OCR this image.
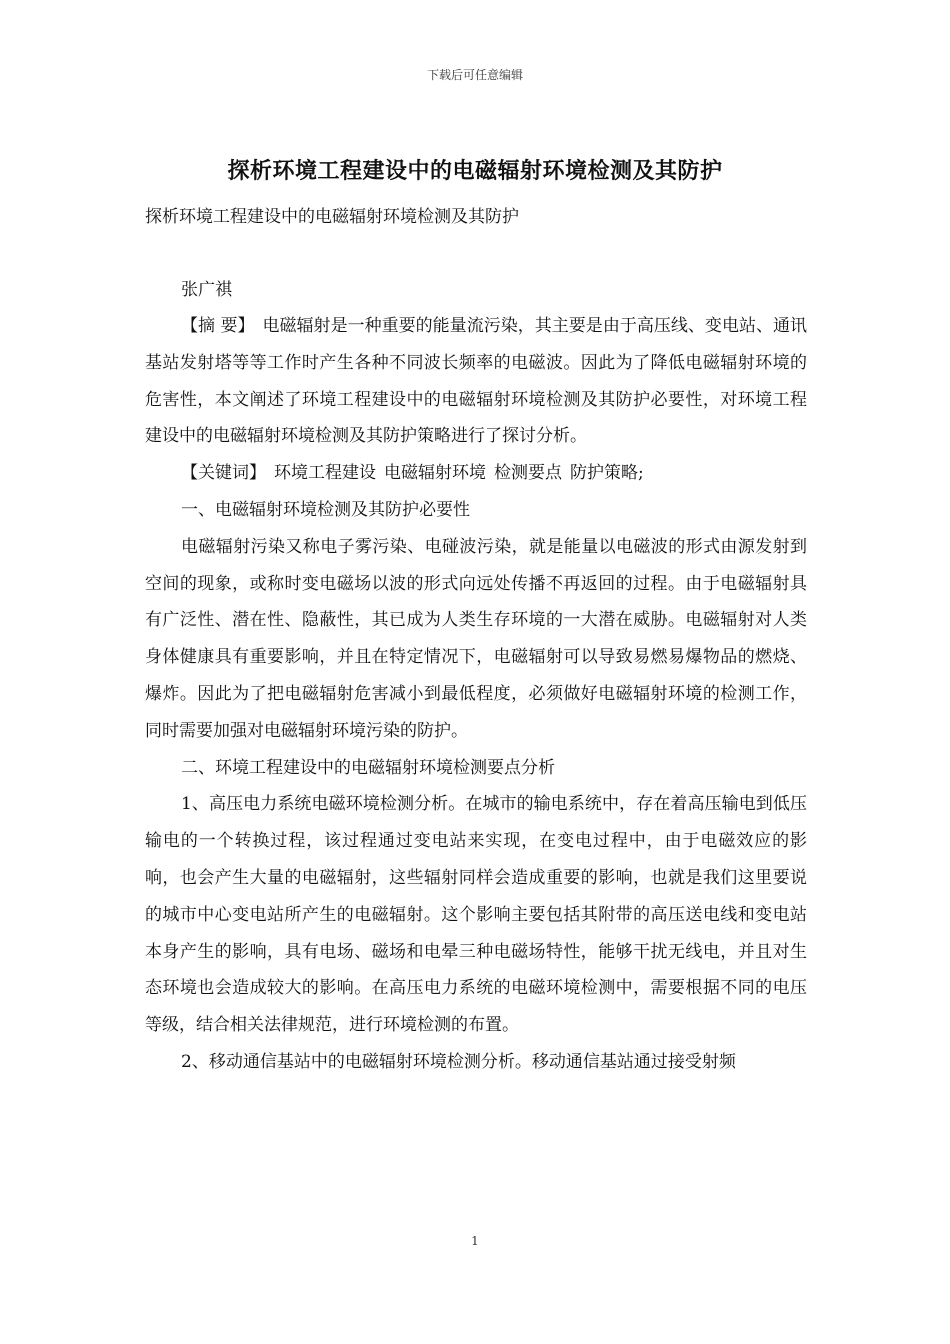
下载后可任意编辑
探析环境工程建设中的电磁辐射环境检测及其防护
探析环境工程建设中的电磁辐射环境检测及其防护
张广祺

【摘 要】 电磁辐射是一种重要的能量流污染，其主要是由于高压线、变电站、通讯基站发射塔等等工作时产生各种不同波长频率的电磁波。因此为了降低电磁辐射环境的危害性，本文阐述了环境工程建设中的电磁辐射环境检测及其防护必要性，对环境工程建设中的电磁辐射环境检测及其防护策略进行了探讨分析。

【关键词】 环境工程建设 电磁辐射环境 检测要点 防护策略;

一、电磁辐射环境检测及其防护必要性

电磁辐射污染又称电子雾污染、电碰波污染，就是能量以电磁波的形式由源发射到空间的现象，或称时变电磁场以波的形式向远处传播不再返回的过程。由于电磁辐射具有广泛性、潜在性、隐蔽性，其已成为人类生存环境的一大潜在威胁。电磁辐射对人类身体健康具有重要影响，并且在特定情况下，电磁辐射可以导致易燃易爆物品的燃烧、爆炸。因此为了把电磁辐射危害减小到最低程度，必须做好电磁辐射环境的检测工作，同时需要加强对电磁辐射环境污染的防护。

二、环境工程建设中的电磁辐射环境检测要点分析

1、高压电力系统电磁环境检测分析。在城市的输电系统中，存在着高压输电到低压输电的一个转换过程，该过程通过变电站来实现，在变电过程中，由于电磁效应的影响，也会产生大量的电磁辐射，这些辐射同样会造成重要的影响，也就是我们这里要说的城市中心变电站所产生的电磁辐射。这个影响主要包括其附带的高压送电线和变电站本身产生的影响，具有电场、磁场和电晕三种电磁场特性，能够干扰无线电，并且对生态环境也会造成较大的影响。在高压电力系统的电磁环境检测中，需要根据不同的电压等级，结合相关法律规范，进行环境检测的布置。

2、移动通信基站中的电磁辐射环境检测分析。移动通信基站通过接受射频

1
